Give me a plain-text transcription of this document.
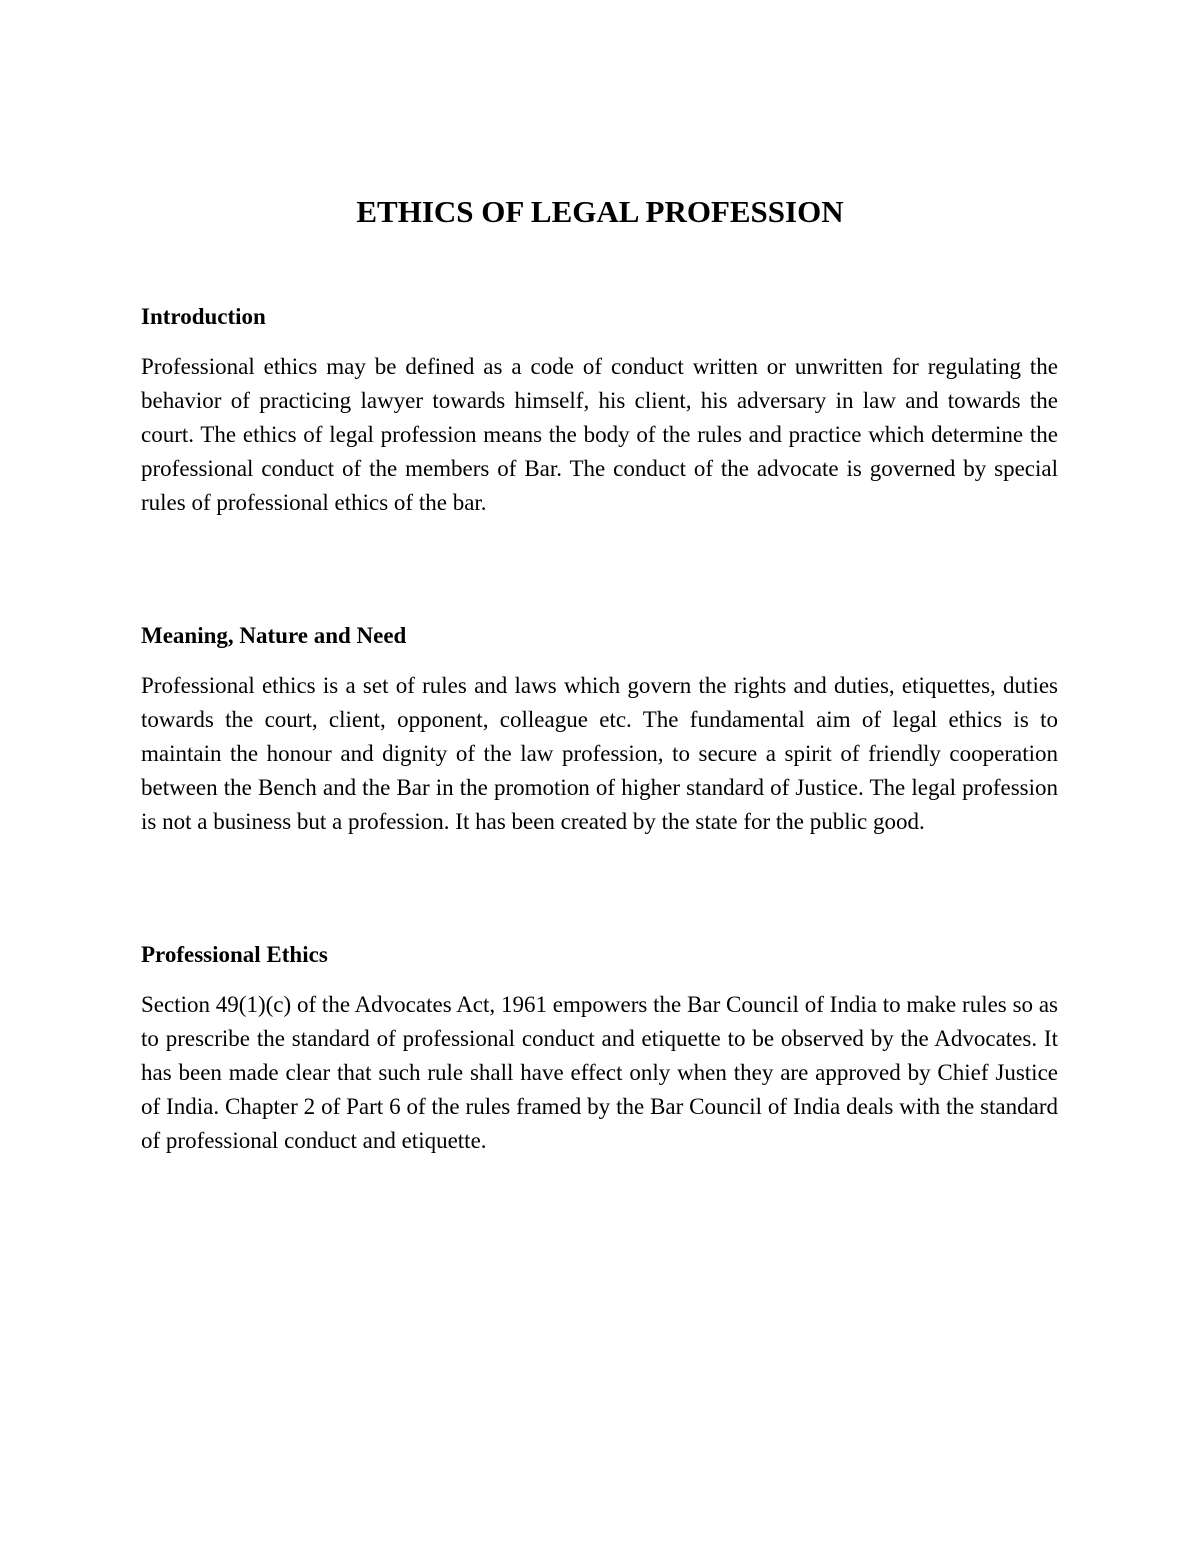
ETHICS OF LEGAL PROFESSION
Introduction

Professional ethics may be defined as a code of conduct written or unwritten for regulating the behavior of practicing lawyer towards himself, his client, his adversary in law and towards the court. The ethics of legal profession means the body of the rules and practice which determine the professional conduct of the members of Bar. The conduct of the advocate is governed by special rules of professional ethics of the bar.

Meaning, Nature and Need

Professional ethics is a set of rules and laws which govern the rights and duties, etiquettes, duties towards the court, client, opponent, colleague etc. The fundamental aim of legal ethics is to maintain the honour and dignity of the law profession, to secure a spirit of friendly cooperation between the Bench and the Bar in the promotion of higher standard of Justice. The legal profession is not a business but a profession. It has been created by the state for the public good.

Professional Ethics

Section 49(1)(c) of the Advocates Act, 1961 empowers the Bar Council of India to make rules so as to prescribe the standard of professional conduct and etiquette to be observed by the Advocates. It has been made clear that such rule shall have effect only when they are approved by Chief Justice of India. Chapter 2 of Part 6 of the rules framed by the Bar Council of India deals with the standard of professional conduct and etiquette.
